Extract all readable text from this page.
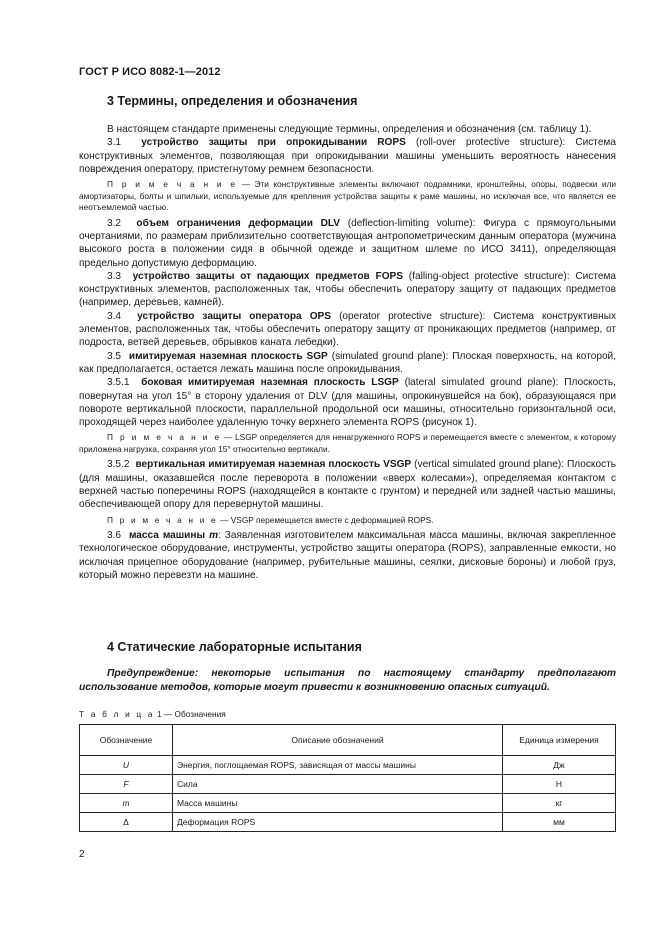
ГОСТ Р ИСО 8082-1—2012
3 Термины, определения и обозначения

В настоящем стандарте применены следующие термины, определения и обозначения (см. таблицу 1).

3.1 устройство защиты при опрокидывании ROPS (roll-over protective structure): Система конструктивных элементов, позволяющая при опрокидывании машины уменьшить вероятность нанесения повреждения оператору, пристегнутому ремнем безопасности.

П р и м е ч а н и е — Эти конструктивные элементы включают подрамники, кронштейны, опоры, подвески или амортизаторы, болты и шпильки, используемые для крепления устройства защиты к раме машины, но исключая все, что является ее неотъемлемой частью.

3.2 объем ограничения деформации DLV (deflection-limiting volume): Фигура с прямоугольными очертаниями, по размерам приблизительно соответствующая антропометрическим данным оператора (мужчина высокого роста в положении сидя в обычной одежде и защитном шлеме по ИСО 3411), определяющая предельно допустимую деформацию.

3.3 устройство защиты от падающих предметов FOPS (falling-object protective structure): Система конструктивных элементов, расположенных так, чтобы обеспечить оператору защиту от падающих предметов (например, деревьев, камней).

3.4 устройство защиты оператора OPS (operator protective structure): Система конструктивных элементов, расположенных так, чтобы обеспечить оператору защиту от проникающих предметов (например, от подроста, ветвей деревьев, обрывков каната лебедки).

3.5 имитируемая наземная плоскость SGP (simulated ground plane): Плоская поверхность, на которой, как предполагается, остается лежать машина после опрокидывания.

3.5.1 боковая имитируемая наземная плоскость LSGP (lateral simulated ground plane): Плоскость, повернутая на угол 15° в сторону удаления от DLV (для машины, опрокинувшейся на бок), образующаяся при повороте вертикальной плоскости, параллельной продольной оси машины, относительно горизонтальной оси, проходящей через наиболее удаленную точку верхнего элемента ROPS (рисунок 1).

П р и м е ч а н и е — LSGP определяется для ненагруженного ROPS и перемещается вместе с элементом, к которому приложена нагрузка, сохраняя угол 15° относительно вертикали.

3.5.2 вертикальная имитируемая наземная плоскость VSGP (vertical simulated ground plane): Плоскость (для машины, оказавшейся после переворота в положении «вверх колесами»), определяемая контактом с верхней частью поперечины ROPS (находящейся в контакте с грунтом) и передней или задней частью машины, обеспечивающей опору для перевернутой машины.

П р и м е ч а н и е — VSGP перемещается вместе с деформацией ROPS.

3.6 масса машины m: Заявленная изготовителем максимальная масса машины, включая закрепленное технологическое оборудование, инструменты, устройство защиты оператора (ROPS), заправленные емкости, но исключая прицепное оборудование (например, рубительные машины, сеялки, дисковые бороны) и любой груз, который можно перевезти на машине.

4 Статические лабораторные испытания

Предупреждение: некоторые испытания по настоящему стандарту предполагают использование методов, которые могут привести к возникновению опасных ситуаций.

Т а б л и ц а 1 — Обозначения
Обозначение	Описание обозначений	Единица измерения
U	Энергия, поглощаемая ROPS, зависящая от массы машины	Дж
F	Сила	Н
m	Масса машины	кг
Δ	Деформация ROPS	мм
2
